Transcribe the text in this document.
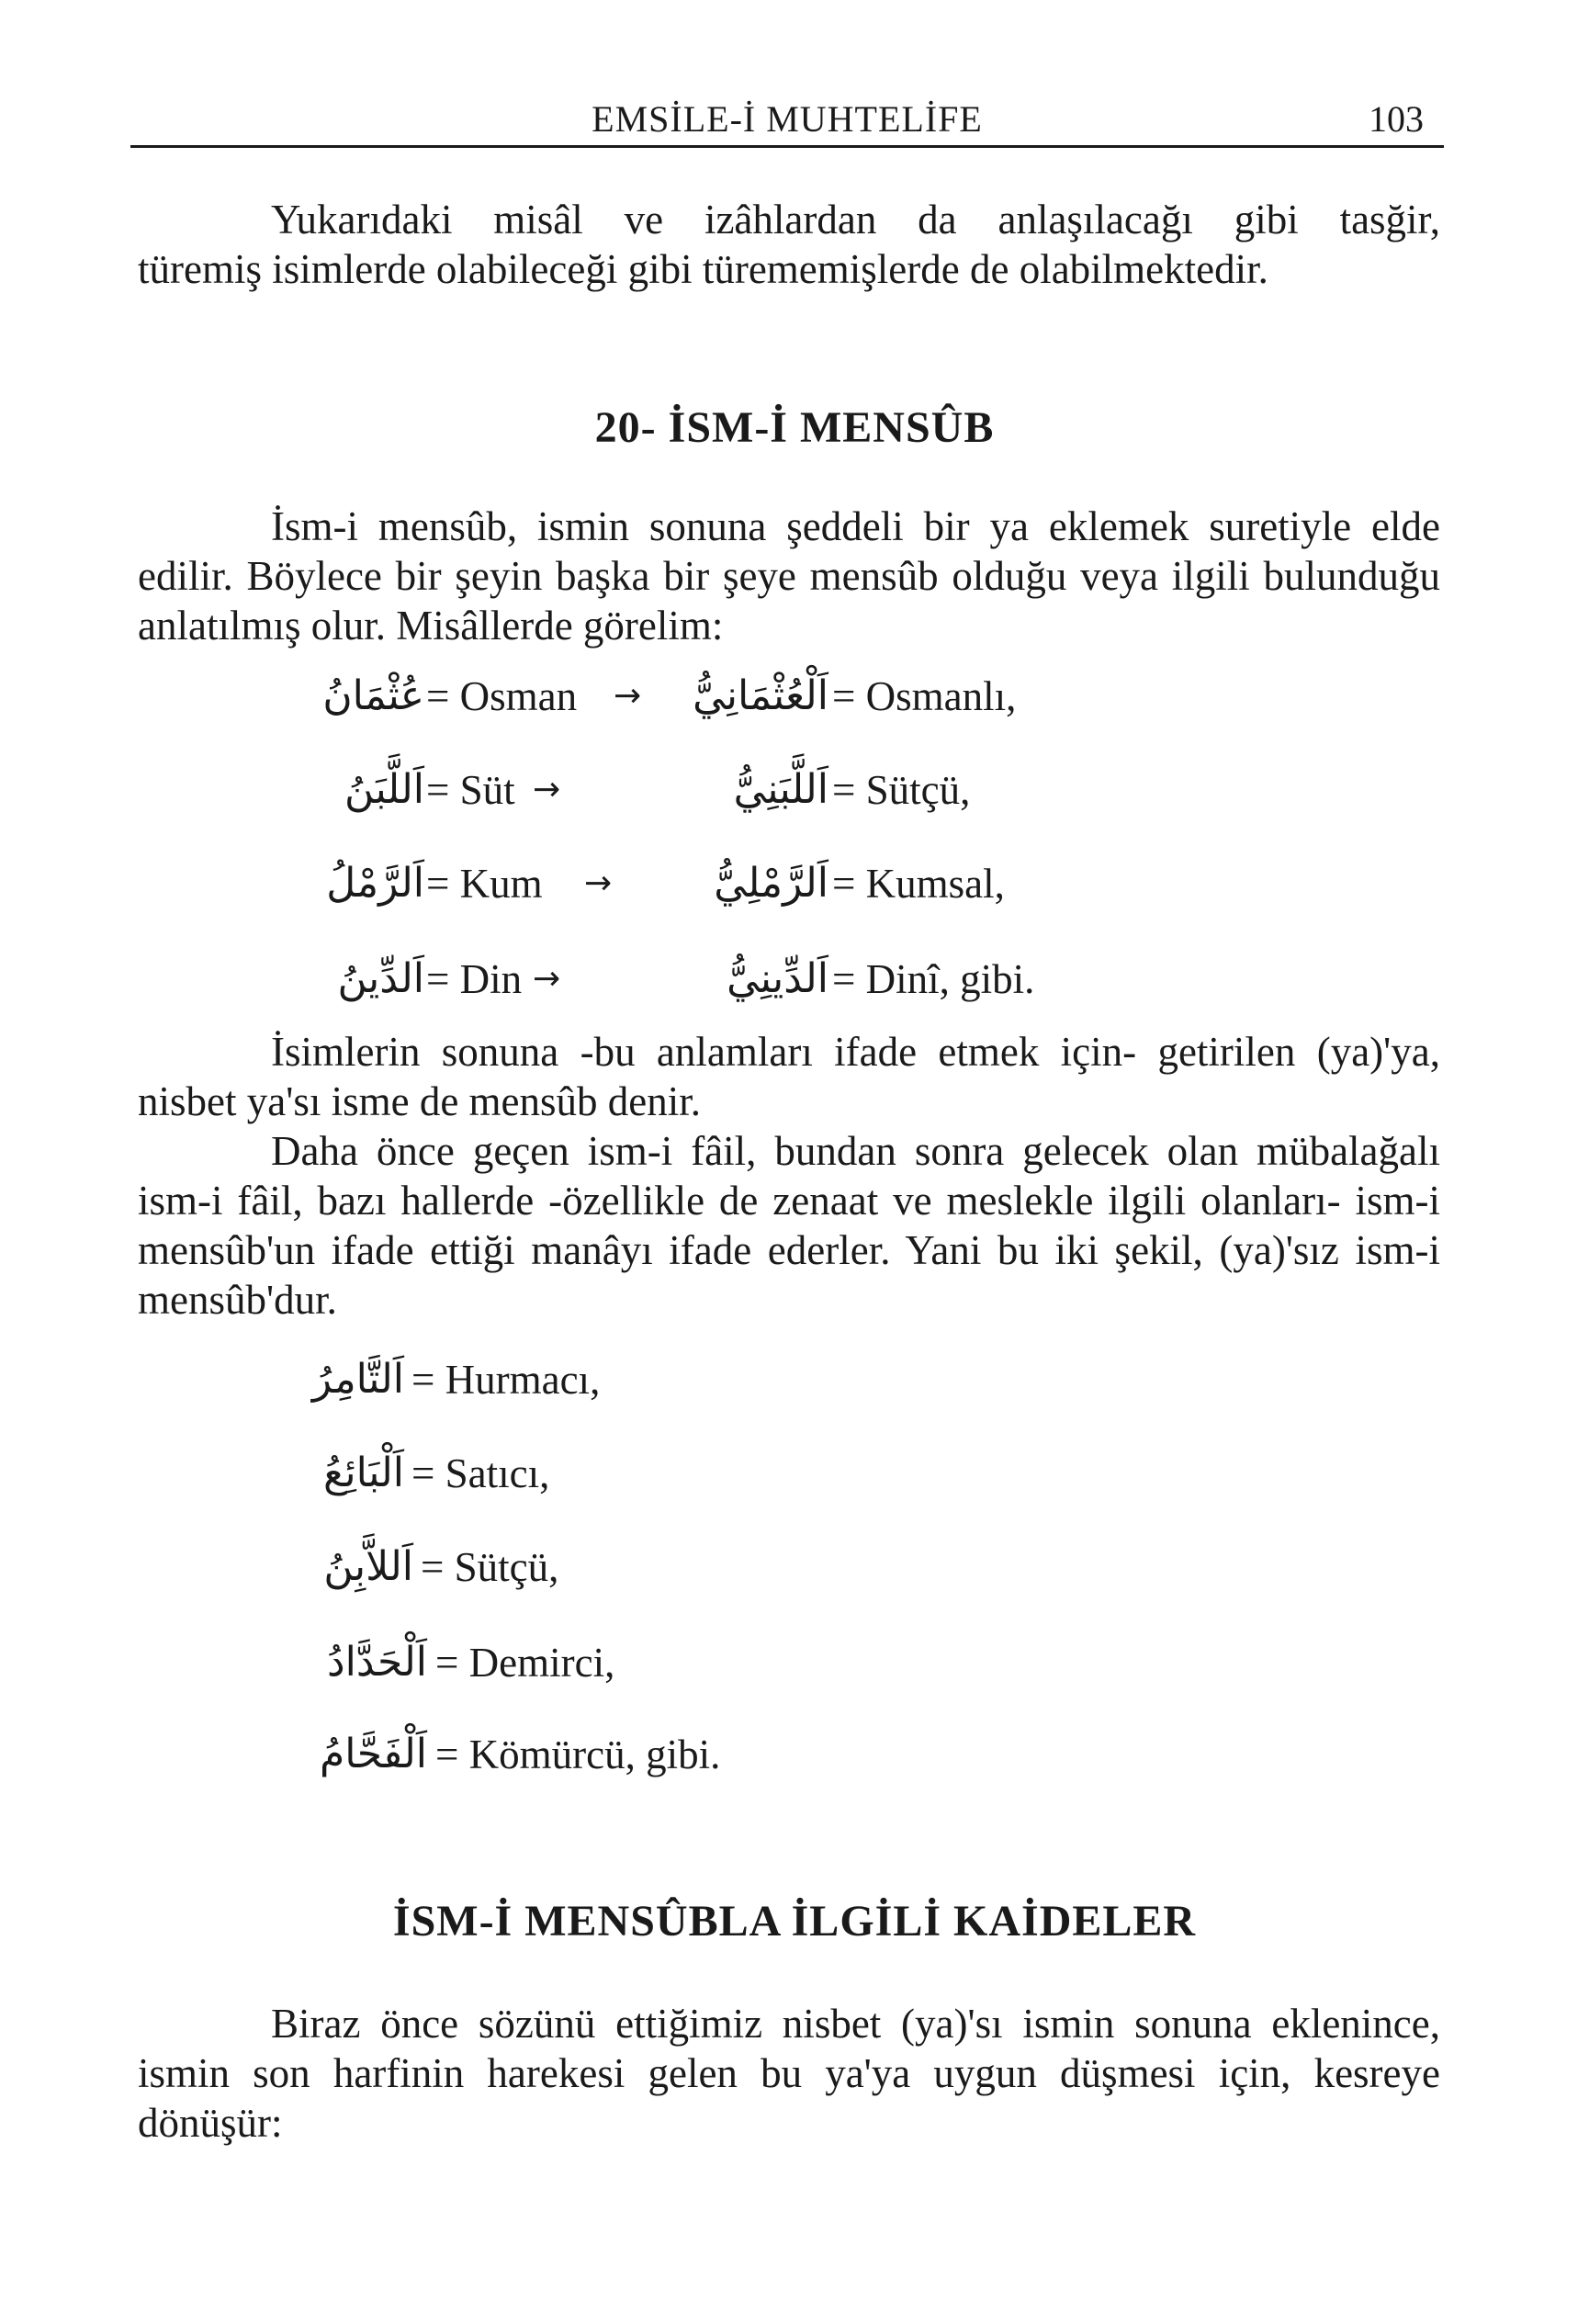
EMSİLE-İ MUHTELİFE	103

Yukarıdaki misâl ve izâhlardan da anlaşılacağı gibi tasğir,

türemiş isimlerde olabileceği gibi türememişlerde de olabilmektedir.

20- İSM-İ MENSÛB

İsm-i mensûb, ismin sonuna şeddeli bir ya eklemek suretiyle elde edilir. Böylece bir şeyin başka bir şeye mensûb olduğu veya ilgili bulunduğu anlatılmış olur. Misâllerde görelim:

عُثْمَانُ = Osman → اَلْعُثْمَانِيُّ = Osmanlı,
اَللَّبَنُ = Süt →	اَللَّبَنِيُّ = Sütçü,
اَلرَّمْلُ = Kum →	اَلرَّمْلِيُّ = Kumsal,
اَلدِّينُ = Din →	اَلدِّينِيُّ = Dinî, gibi.

İsimlerin sonuna -bu anlamları ifade etmek için- getirilen (ya)'ya, nisbet ya'sı isme de mensûb denir.

Daha önce geçen ism-i fâil, bundan sonra gelecek olan mübalağalı ism-i fâil, bazı hallerde -özellikle de zenaat ve meslekle ilgili olanları- ism-i mensûb'un ifade ettiği manâyı ifade ederler. Yani bu iki şekil, (ya)'sız ism-i mensûb'dur.

اَلتَّامِرُ = Hurmacı,
اَلْبَائِعُ = Satıcı,
اَللاَّبِنُ = Sütçü,
اَلْحَدَّادُ = Demirci,
اَلْفَحَّامُ = Kömürcü, gibi.
İSM-İ MENSÛBLA İLGİLİ KAİDELER

Biraz önce sözünü ettiğimiz nisbet (ya)'sı ismin sonuna eklenince, ismin son harfinin harekesi gelen bu ya'ya uygun düşmesi için, kesreye dönüşür:
